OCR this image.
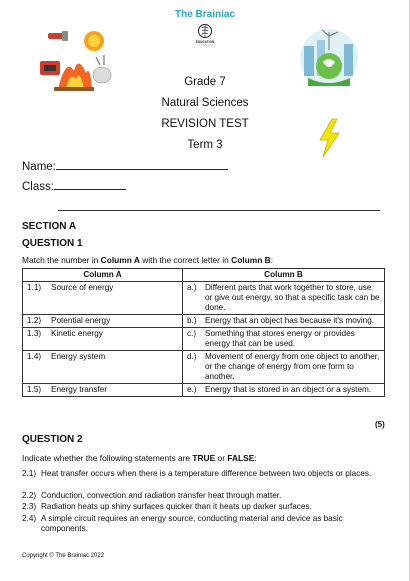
The Brainiac
EDUCATION
Grade 7
Natural Sciences
REVISION TEST
Term 3
Name:
Class:
SECTION A
QUESTION 1
Match the number in Column A with the correct letter in Column B:
Column A	Column B
1.1) Source of energy	a.) Different parts that work together to store, use or give out energy, so that a specific task can be done.
1.2) Potential energy	b.) Energy that an object has because it's moving.
1.3) Kinetic energy	c.) Something that stores energy or provides energy that can be used.
1.4) Energy system	d.) Movement of energy from one object to another, or the change of energy from one form to another.
1.5) Energy transfer	e.) Energy that is stored in an object or a system.
(5)
QUESTION 2
Indicate whether the following statements are TRUE or FALSE:
2.1) Heat transfer occurs when there is a temperature difference between two objects or places.
2.2) Conduction, convection and radiation transfer heat through matter.
2.3) Radiation heats up shiny surfaces quicker than it heats up darker surfaces.
2.4) A simple circuit requires an energy source, conducting material and device as basic components.
Copyright © The Brainiac 2022
